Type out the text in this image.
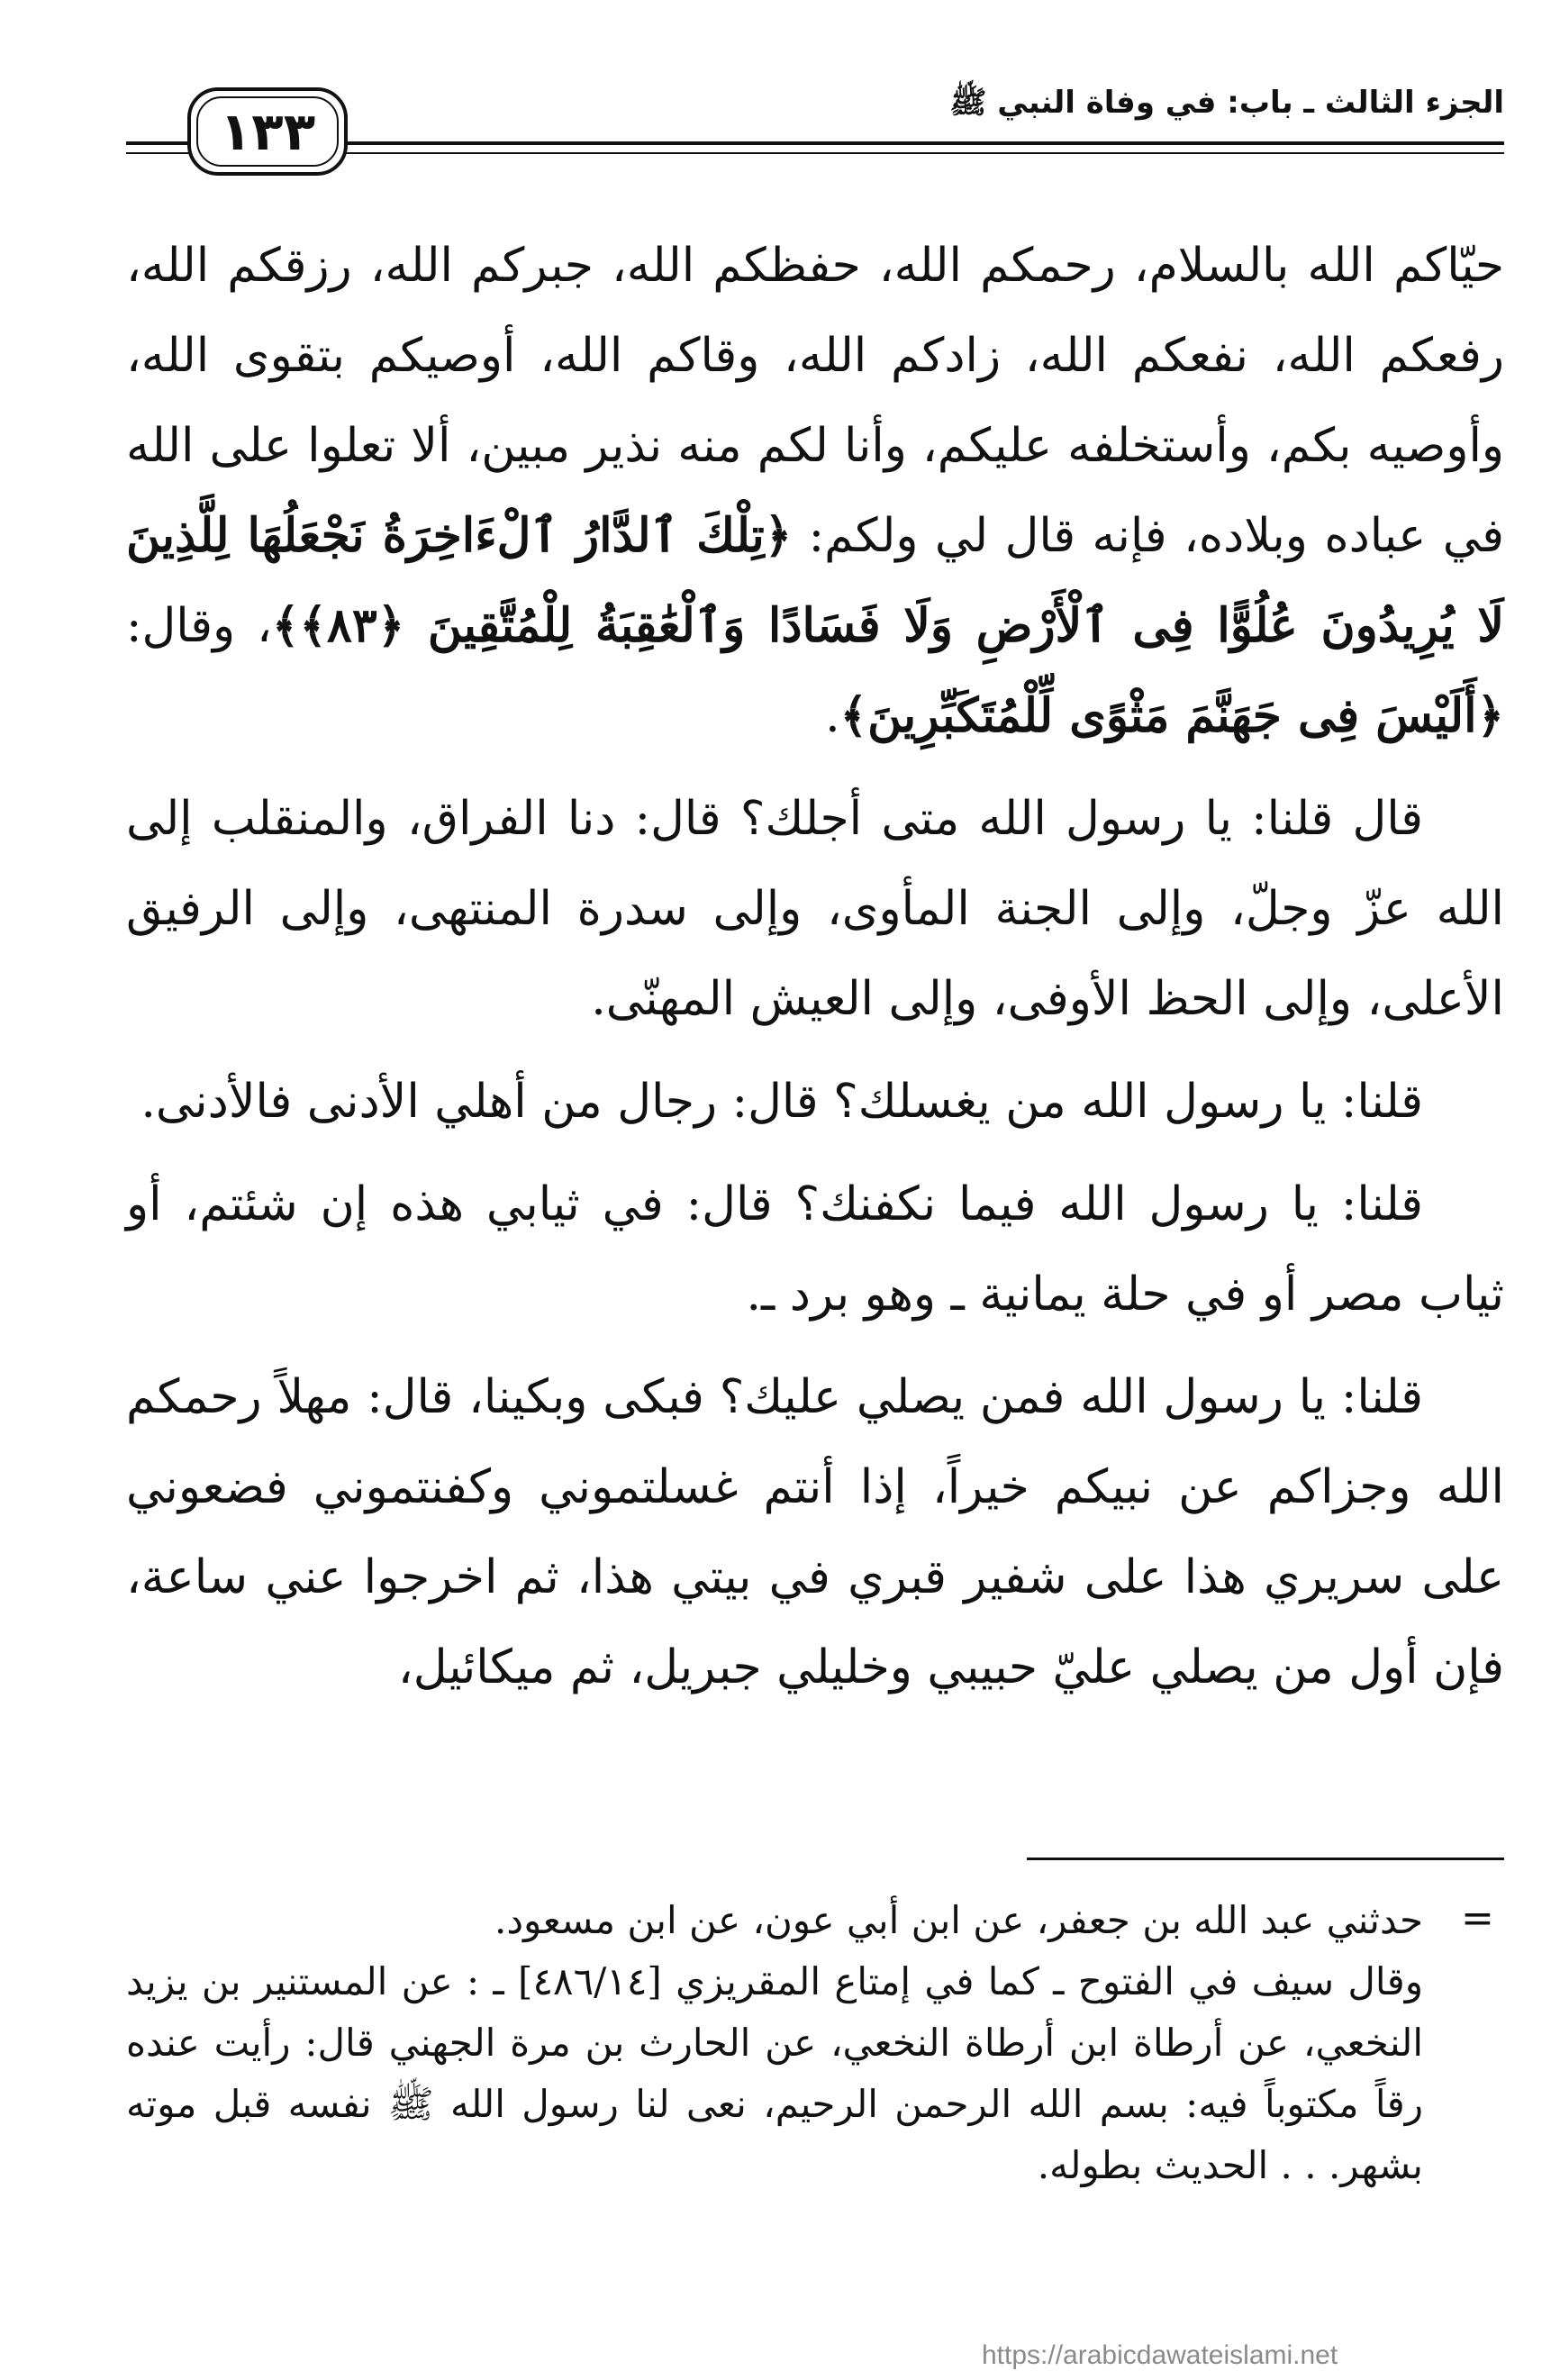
الجزء الثالث ـ باب: في وفاة النبي ﷺ
١٣٣

حيّاكم الله بالسلام، رحمكم الله، حفظكم الله، جبركم الله، رزقكم الله، رفعكم الله، نفعكم الله، زادكم الله، وقاكم الله، أوصيكم بتقوى الله، وأوصيه بكم، وأستخلفه عليكم، وأنا لكم منه نذير مبين، ألا تعلوا على الله في عباده وبلاده، فإنه قال لي ولكم: ﴿تِلْكَ ٱلدَّارُ ٱلْءَاخِرَةُ نَجْعَلُهَا لِلَّذِينَ لَا يُرِيدُونَ عُلُوًّا فِى ٱلْأَرْضِ وَلَا فَسَادًا وَٱلْعَٰقِبَةُ لِلْمُتَّقِينَ ﴿٨٣﴾﴾، وقال: ﴿أَلَيْسَ فِى جَهَنَّمَ مَثْوًى لِّلْمُتَكَبِّرِينَ﴾.

قال قلنا: يا رسول الله متى أجلك؟ قال: دنا الفراق، والمنقلب إلى الله عزّ وجلّ، وإلى الجنة المأوى، وإلى سدرة المنتهى، وإلى الرفيق الأعلى، وإلى الحظ الأوفى، وإلى العيش المهنّى.

قلنا: يا رسول الله من يغسلك؟ قال: رجال من أهلي الأدنى فالأدنى.

قلنا: يا رسول الله فيما نكفنك؟ قال: في ثيابي هذه إن شئتم، أو ثياب مصر أو في حلة يمانية ـ وهو برد ـ.

قلنا: يا رسول الله فمن يصلي عليك؟ فبكى وبكينا، قال: مهلاً رحمكم الله وجزاكم عن نبيكم خيراً، إذا أنتم غسلتموني وكفنتموني فضعوني على سريري هذا على شفير قبري في بيتي هذا، ثم اخرجوا عني ساعة، فإن أول من يصلي عليّ حبيبي وخليلي جبريل، ثم ميكائيل،

=

حدثني عبد الله بن جعفر، عن ابن أبي عون، عن ابن مسعود.

وقال سيف في الفتوح ـ كما في إمتاع المقريزي [٤٨٦/١٤] ـ : عن المستنير بن يزيد النخعي، عن أرطاة ابن أرطاة النخعي، عن الحارث بن مرة الجهني قال: رأيت عنده رقاً مكتوباً فيه: بسم الله الرحمن الرحيم، نعى لنا رسول الله ﷺ نفسه قبل موته بشهر. . . الحديث بطوله.

https://arabicdawateislami.net
